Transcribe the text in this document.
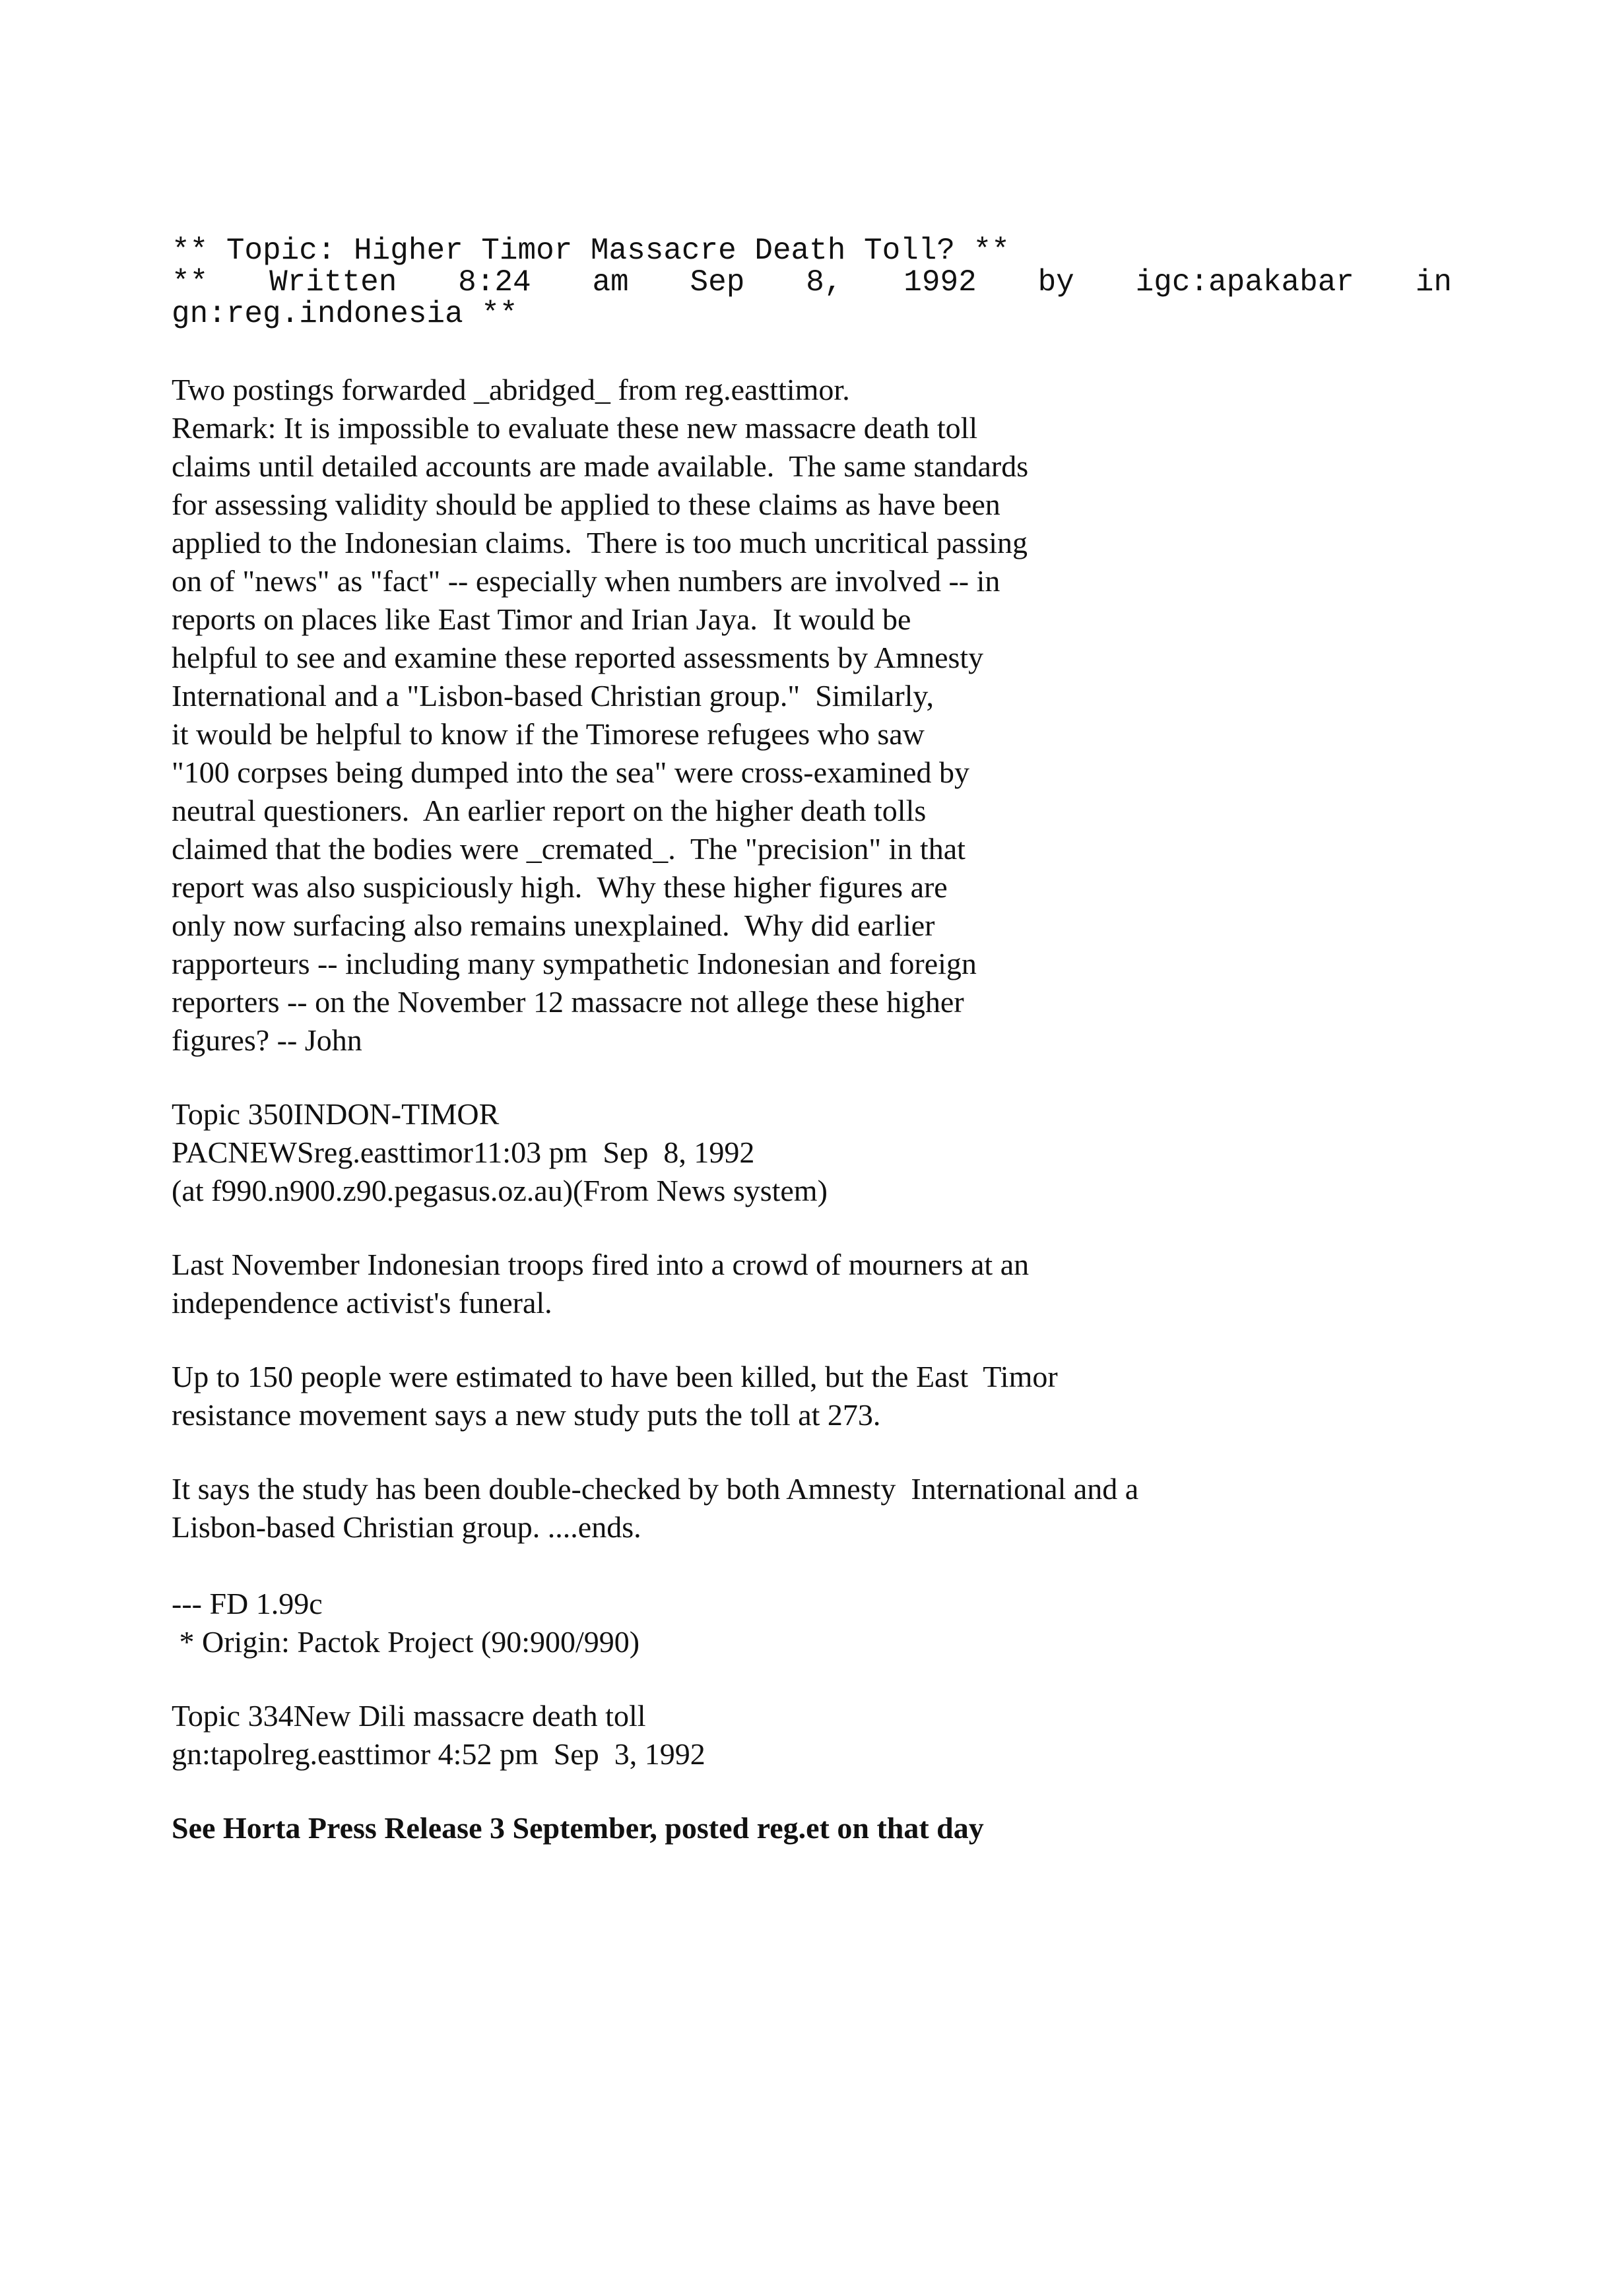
** Topic: Higher Timor Massacre Death Toll? **
** Written 8:24 am Sep 8, 1992 by igc:apakabar in
gn:reg.indonesia **
Two postings forwarded _abridged_ from reg.easttimor.
Remark: It is impossible to evaluate these new massacre death toll
claims until detailed accounts are made available.  The same standards
for assessing validity should be applied to these claims as have been
applied to the Indonesian claims.  There is too much uncritical passing
on of "news" as "fact" -- especially when numbers are involved -- in
reports on places like East Timor and Irian Jaya.  It would be
helpful to see and examine these reported assessments by Amnesty
International and a "Lisbon-based Christian group."  Similarly,
it would be helpful to know if the Timorese refugees who saw
"100 corpses being dumped into the sea" were cross-examined by
neutral questioners.  An earlier report on the higher death tolls
claimed that the bodies were _cremated_.  The "precision" in that
report was also suspiciously high.  Why these higher figures are
only now surfacing also remains unexplained.  Why did earlier
rapporteurs -- including many sympathetic Indonesian and foreign
reporters -- on the November 12 massacre not allege these higher
figures? -- John
Topic 350INDON-TIMOR
PACNEWSreg.easttimor11:03 pm  Sep  8, 1992
(at f990.n900.z90.pegasus.oz.au)(From News system)
Last November Indonesian troops fired into a crowd of mourners at an
independence activist's funeral.
Up to 150 people were estimated to have been killed, but the East  Timor
resistance movement says a new study puts the toll at 273.
It says the study has been double-checked by both Amnesty  International and a
Lisbon-based Christian group. ....ends.
--- FD 1.99c
* Origin: Pactok Project (90:900/990)
Topic 334New Dili massacre death toll
gn:tapolreg.easttimor 4:52 pm  Sep  3, 1992
See Horta Press Release 3 September, posted reg.et on that day
